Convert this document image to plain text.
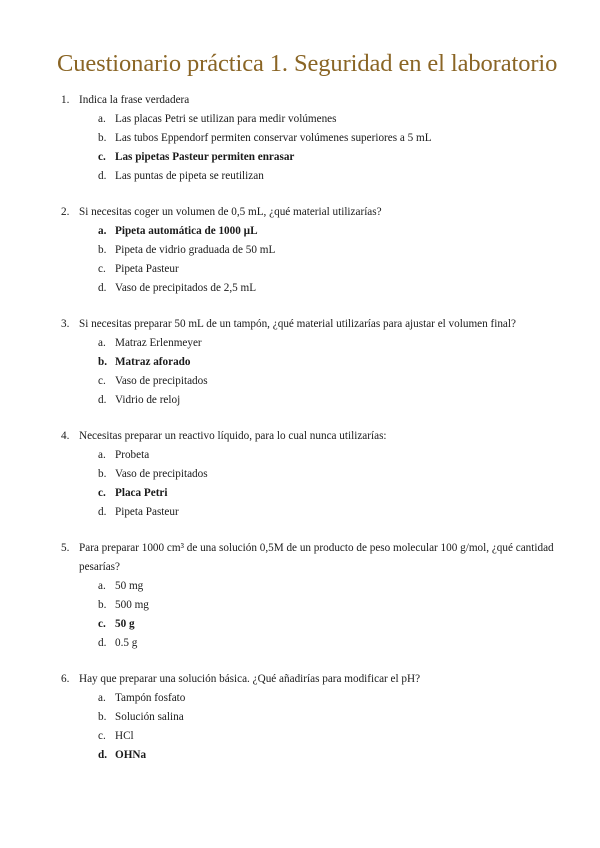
Cuestionario práctica 1. Seguridad en el laboratorio
1. Indica la frase verdadera
a. Las placas Petri se utilizan para medir volúmenes
b. Las tubos Eppendorf permiten conservar volúmenes superiores a 5 mL
c. Las pipetas Pasteur permiten enrasar
d. Las puntas de pipeta se reutilizan
2. Si necesitas coger un volumen de 0,5 mL, ¿qué material utilizarías?
a. Pipeta automática de 1000 µL
b. Pipeta de vidrio graduada de 50 mL
c. Pipeta Pasteur
d. Vaso de precipitados de 2,5 mL
3. Si necesitas preparar 50 mL de un tampón, ¿qué material utilizarías para ajustar el volumen final?
a. Matraz Erlenmeyer
b. Matraz aforado
c. Vaso de precipitados
d. Vidrio de reloj
4. Necesitas preparar un reactivo líquido, para lo cual nunca utilizarías:
a. Probeta
b. Vaso de precipitados
c. Placa Petri
d. Pipeta Pasteur
5. Para preparar 1000 cm³ de una solución 0,5M de un producto de peso molecular 100 g/mol, ¿qué cantidad pesarías?
a. 50 mg
b. 500 mg
c. 50 g
d. 0.5 g
6. Hay que preparar una solución básica. ¿Qué añadirías para modificar el pH?
a. Tampón fosfato
b. Solución salina
c. HCl
d. OHNa
